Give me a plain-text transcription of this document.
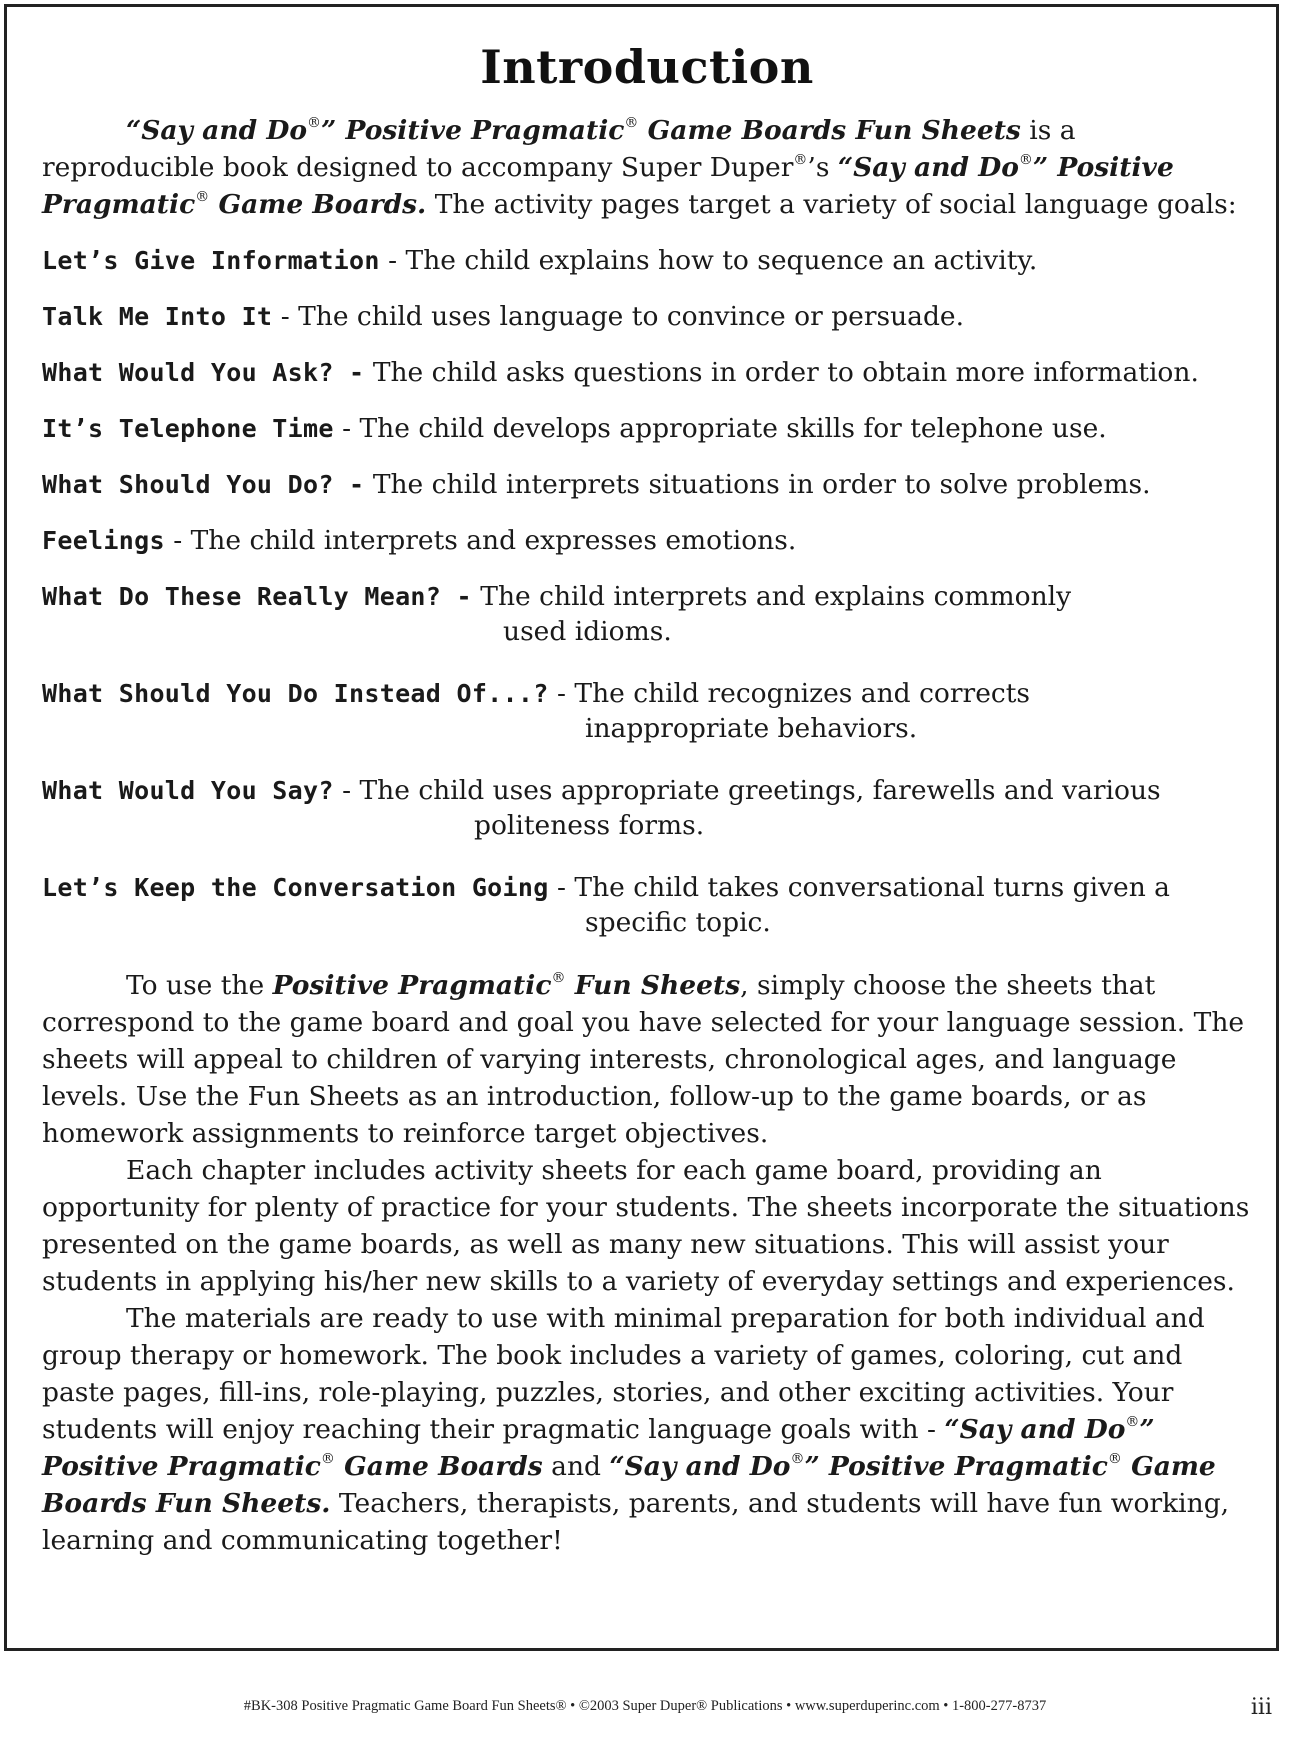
Introduction

“Say and Do®” Positive Pragmatic® Game Boards Fun Sheets is a reproducible book designed to accompany Super Duper®’s “Say and Do®” Positive Pragmatic® Game Boards. The activity pages target a variety of social language goals:

Let’s Give Information - The child explains how to sequence an activity.
Talk Me Into It - The child uses language to convince or persuade.
What Would You Ask? - The child asks questions in order to obtain more information.
It’s Telephone Time - The child develops appropriate skills for telephone use.
What Should You Do? - The child interprets situations in order to solve problems.
Feelings - The child interprets and expresses emotions.
What Do These Really Mean? - The child interprets and explains commonly
used idioms.
What Should You Do Instead Of...? - The child recognizes and corrects
inappropriate behaviors.
What Would You Say? - The child uses appropriate greetings, farewells and various
politeness forms.
Let’s Keep the Conversation Going - The child takes conversational turns given a
specific topic.

To use the Positive Pragmatic® Fun Sheets, simply choose the sheets that correspond to the game board and goal you have selected for your language session. The sheets will appeal to children of varying interests, chronological ages, and language levels. Use the Fun Sheets as an introduction, follow-up to the game boards, or as homework assignments to reinforce target objectives.

Each chapter includes activity sheets for each game board, providing an opportunity for plenty of practice for your students. The sheets incorporate the situations presented on the game boards, as well as many new situations. This will assist your students in applying his/her new skills to a variety of everyday settings and experiences.

The materials are ready to use with minimal preparation for both individual and group therapy or homework. The book includes a variety of games, coloring, cut and paste pages, fill-ins, role-playing, puzzles, stories, and other exciting activities. Your students will enjoy reaching their pragmatic language goals with - “Say and Do®” Positive Pragmatic® Game Boards and “Say and Do®” Positive Pragmatic® Game Boards Fun Sheets. Teachers, therapists, parents, and students will have fun working, learning and communicating together!

#BK-308 Positive Pragmatic Game Board Fun Sheets® • ©2003 Super Duper® Publications • www.superduperinc.com • 1-800-277-8737	iii
